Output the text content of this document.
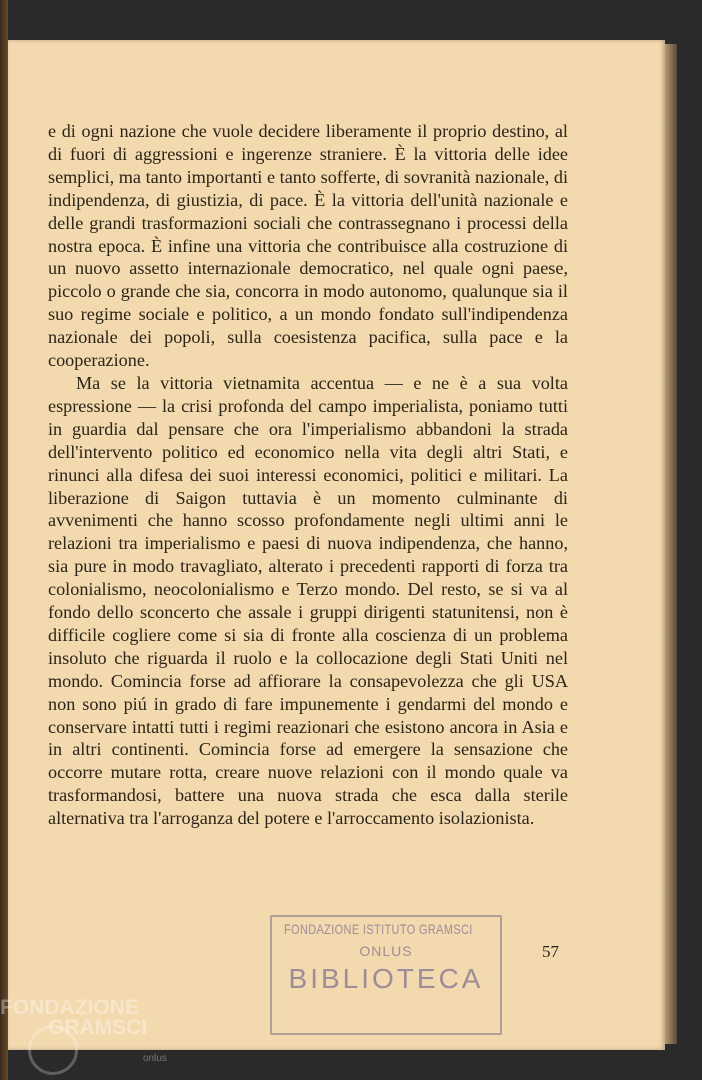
e di ogni nazione che vuole decidere liberamente il proprio destino, al di fuori di aggressioni e ingerenze straniere. È la vittoria delle idee semplici, ma tanto importanti e tanto sofferte, di sovranità nazionale, di indipendenza, di giustizia, di pace. È la vittoria dell'unità nazionale e delle grandi trasformazioni sociali che contrassegnano i processi della nostra epoca. È infine una vittoria che contribuisce alla costruzione di un nuovo assetto internazionale democratico, nel quale ogni paese, piccolo o grande che sia, concorra in modo autonomo, qualunque sia il suo regime sociale e politico, a un mondo fondato sull'indipendenza nazionale dei popoli, sulla coesistenza pacifica, sulla pace e la cooperazione.

Ma se la vittoria vietnamita accentua — e ne è a sua volta espressione — la crisi profonda del campo imperialista, poniamo tutti in guardia dal pensare che ora l'imperialismo abbandoni la strada dell'intervento politico ed economico nella vita degli altri Stati, e rinunci alla difesa dei suoi interessi economici, politici e militari. La liberazione di Saigon tuttavia è un momento culminante di avvenimenti che hanno scosso profondamente negli ultimi anni le relazioni tra imperialismo e paesi di nuova indipendenza, che hanno, sia pure in modo travagliato, alterato i precedenti rapporti di forza tra colonialismo, neocolonialismo e Terzo mondo. Del resto, se si va al fondo dello sconcerto che assale i gruppi dirigenti statunitensi, non è difficile cogliere come si sia di fronte alla coscienza di un problema insoluto che riguarda il ruolo e la collocazione degli Stati Uniti nel mondo. Comincia forse ad affiorare la consapevolezza che gli USA non sono piú in grado di fare impunemente i gendarmi del mondo e conservare intatti tutti i regimi reazionari che esistono ancora in Asia e in altri continenti. Comincia forse ad emergere la sensazione che occorre mutare rotta, creare nuove relazioni con il mondo quale va trasformandosi, battere una nuova strada che esca dalla sterile alternativa tra l'arroganza del potere e l'arroccamento isolazionista.

FONDAZIONE ISTITUTO GRAMSCI
ONLUS
BIBLIOTECA
57
FONDAZIONE
GRAMSCI
onlus
